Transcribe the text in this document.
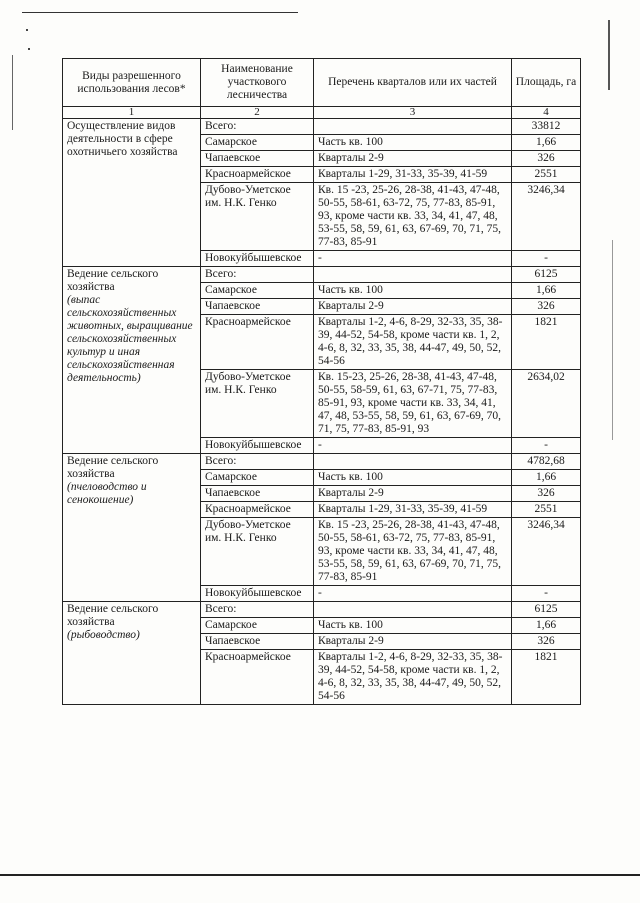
Виды разрешенного использования лесов*	Наименование участкового лесничества	Перечень кварталов или их частей	Площадь, га
1	2	3	4

Осуществление видов деятельности в сфере охотничьего хозяйства	Всего:		33812
	Самарское	Часть кв. 100	1,66
	Чапаевское	Кварталы 2-9	326
	Красноармейское	Кварталы 1-29, 31-33, 35-39, 41-59	2551
	Дубово-Уметское им. Н.К. Генко	Кв. 15 -23, 25-26, 28-38, 41-43, 47-48, 50-55, 58-61, 63-72, 75, 77-83, 85-91, 93, кроме части кв. 33, 34, 41, 47, 48, 53-55, 58, 59, 61, 63, 67-69, 70, 71, 75, 77-83, 85-91	3246,34
	Новокуйбышевское	-	-

Ведение сельского хозяйства
(выпас сельскохозяйственных животных, выращивание сельскохозяйственных культур и иная сельскохозяйственная деятельность)	Всего:		6125
	Самарское	Часть кв. 100	1,66
	Чапаевское	Кварталы 2-9	326
	Красноармейское	Кварталы 1-2, 4-6, 8-29, 32-33, 35, 38-39, 44-52, 54-58, кроме части кв. 1, 2, 4-6, 8, 32, 33, 35, 38, 44-47, 49, 50, 52, 54-56	1821
	Дубово-Уметское им. Н.К. Генко	Кв. 15-23, 25-26, 28-38, 41-43, 47-48, 50-55, 58-59, 61, 63, 67-71, 75, 77-83, 85-91, 93, кроме части кв. 33, 34, 41, 47, 48, 53-55, 58, 59, 61, 63, 67-69, 70, 71, 75, 77-83, 85-91, 93	2634,02
	Новокуйбышевское	-	-

Ведение сельского хозяйства
(пчеловодство и сенокошение)	Всего:		4782,68
	Самарское	Часть кв. 100	1,66
	Чапаевское	Кварталы 2-9	326
	Красноармейское	Кварталы 1-29, 31-33, 35-39, 41-59	2551
	Дубово-Уметское им. Н.К. Генко	Кв. 15 -23, 25-26, 28-38, 41-43, 47-48, 50-55, 58-61, 63-72, 75, 77-83, 85-91, 93, кроме части кв. 33, 34, 41, 47, 48, 53-55, 58, 59, 61, 63, 67-69, 70, 71, 75, 77-83, 85-91	3246,34
	Новокуйбышевское	-	-

Ведение сельского хозяйства
(рыбоводство)	Всего:		6125
	Самарское	Часть кв. 100	1,66
	Чапаевское	Кварталы 2-9	326
	Красноармейское	Кварталы 1-2, 4-6, 8-29, 32-33, 35, 38-39, 44-52, 54-58, кроме части кв. 1, 2, 4-6, 8, 32, 33, 35, 38, 44-47, 49, 50, 52, 54-56	1821
